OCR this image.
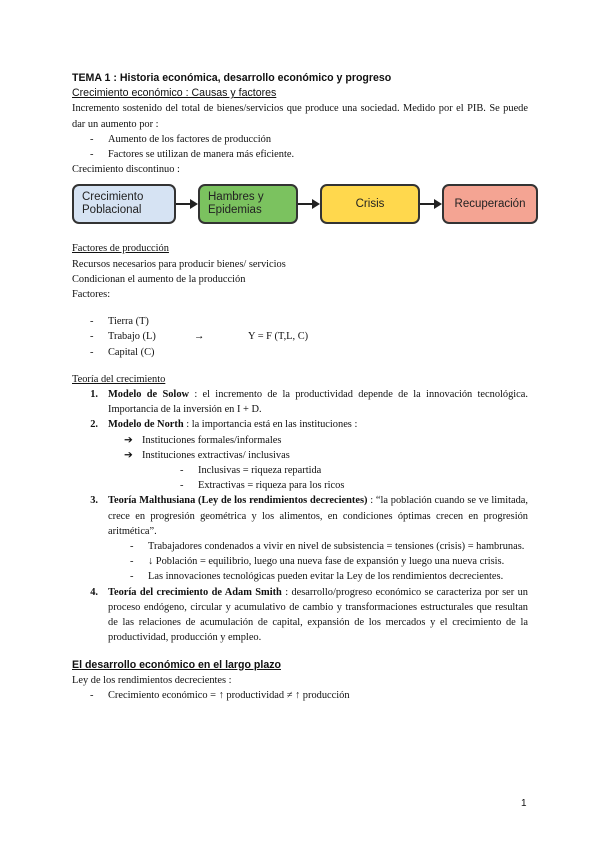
TEMA 1 : Historia económica, desarrollo económico y progreso
Crecimiento económico : Causas y factores
Incremento sostenido del total de bienes/servicios que produce una sociedad. Medido por el PIB. Se puede dar un aumento por :
-	Aumento de los factores de producción
-	Factores se utilizan de manera más eficiente.
Crecimiento discontinuo :
Crecimiento
Poblacional
Hambres y
Epidemias
Crisis	Recuperación
Factores de producción
Recursos necesarios para producir bienes/ servicios
Condicionan el aumento de la producción
Factores:
-	Tierra (T)
-	Trabajo (L)	→	Y = F (T,L, C)
-	Capital (C)
Teoría del crecimiento
1. Modelo de Solow : el incremento de la productividad depende de la innovación tecnológica. Importancia de la inversión en I + D.
2. Modelo de North : la importancia está en las instituciones :
➔ Instituciones formales/informales
➔ Instituciones extractivas/ inclusivas
-	Inclusivas = riqueza repartida
-	Extractivas = riqueza para los ricos
3. Teoría Malthusiana (Ley de los rendimientos decrecientes) : “la población cuando se ve limitada, crece en progresión geométrica y los alimentos, en condiciones óptimas crecen en progresión aritmética”.
-	Trabajadores condenados a vivir en nivel de subsistencia = tensiones (crisis) = hambrunas.
-	↓ Población = equilibrio, luego una nueva fase de expansión y luego una nueva crisis.
-	Las innovaciones tecnológicas pueden evitar la Ley de los rendimientos decrecientes.
4. Teoría del crecimiento de Adam Smith : desarrollo/progreso económico se caracteriza por ser un proceso endógeno, circular y acumulativo de cambio y transformaciones estructurales que resultan de las relaciones de acumulación de capital, expansión de los mercados y el crecimiento de la productividad, producción y empleo.
El desarrollo económico en el largo plazo
Ley de los rendimientos decrecientes :
-	Crecimiento económico = ↑ productividad ≠ ↑ producción
1
